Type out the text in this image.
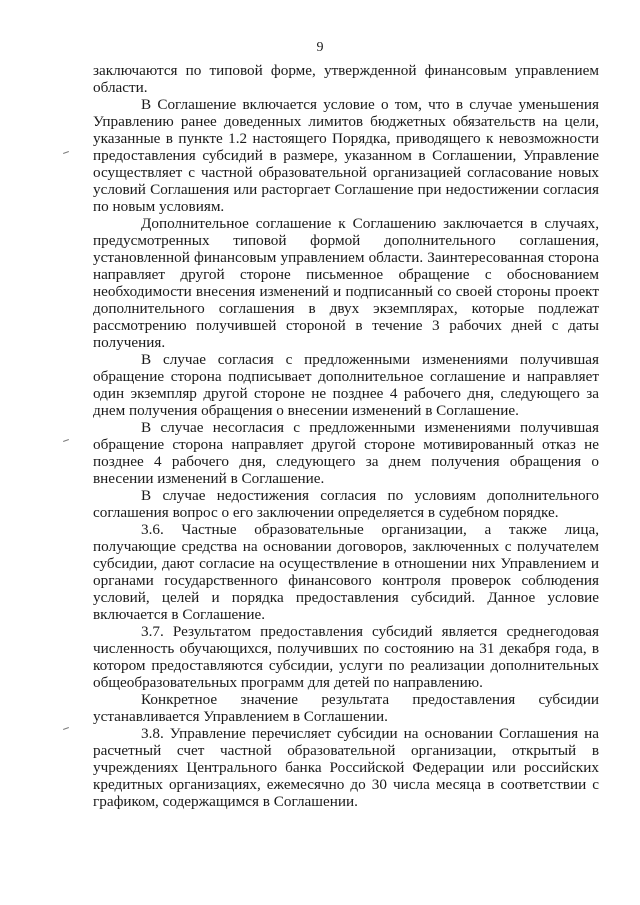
9

заключаются по типовой форме, утвержденной финансовым управлением области.

В Соглашение включается условие о том, что в случае уменьшения Управлению ранее доведенных лимитов бюджетных обязательств на цели, указанные в пункте 1.2 настоящего Порядка, приводящего к невозможности предоставления субсидий в размере, указанном в Соглашении, Управление осуществляет с частной образовательной организацией согласование новых условий Соглашения или расторгает Соглашение при недостижении согласия по новым условиям.

Дополнительное соглашение к Соглашению заключается в случаях, предусмотренных типовой формой дополнительного соглашения, установленной финансовым управлением области. Заинтересованная сторона направляет другой стороне письменное обращение с обоснованием необходимости внесения изменений и подписанный со своей стороны проект дополнительного соглашения в двух экземплярах, которые подлежат рассмотрению получившей стороной в течение 3 рабочих дней с даты получения.

В случае согласия с предложенными изменениями получившая обращение сторона подписывает дополнительное соглашение и направляет один экземпляр другой стороне не позднее 4 рабочего дня, следующего за днем получения обращения о внесении изменений в Соглашение.

В случае несогласия с предложенными изменениями получившая обращение сторона направляет другой стороне мотивированный отказ не позднее 4 рабочего дня, следующего за днем получения обращения о внесении изменений в Соглашение.

В случае недостижения согласия по условиям дополнительного соглашения вопрос о его заключении определяется в судебном порядке.

3.6. Частные образовательные организации, а также лица, получающие средства на основании договоров, заключенных с получателем субсидии, дают согласие на осуществление в отношении них Управлением и органами государственного финансового контроля проверок соблюдения условий, целей и порядка предоставления субсидий. Данное условие включается в Соглашение.

3.7. Результатом предоставления субсидий является среднегодовая численность обучающихся, получивших по состоянию на 31 декабря года, в котором предоставляются субсидии, услуги по реализации дополнительных общеобразовательных программ для детей по направлению.

Конкретное значение результата предоставления субсидии устанавливается Управлением в Соглашении.

3.8. Управление перечисляет субсидии на основании Соглашения на расчетный счет частной образовательной организации, открытый в учреждениях Центрального банка Российской Федерации или российских кредитных организациях, ежемесячно до 30 числа месяца в соответствии с графиком, содержащимся в Соглашении.
